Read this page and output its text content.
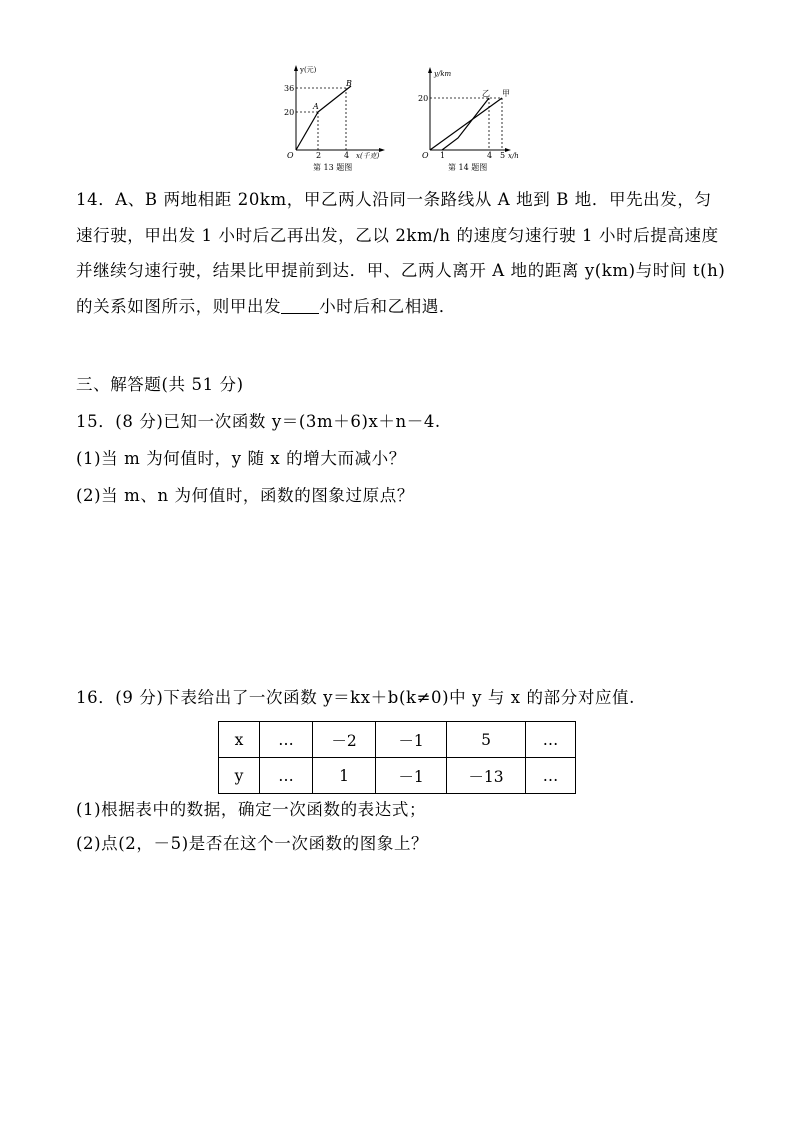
y(元)
36
20
O	2	4 x(千克)
A
B
第 13 题图
y/km
20
O 1	4 5 x/h
乙 甲
第 14 题图

14．A、B 两地相距 20km，甲乙两人沿同一条路线从 A 地到 B 地．甲先出发，匀速行驶，甲出发 1 小时后乙再出发，乙以 2km/h 的速度匀速行驶 1 小时后提高速度并继续匀速行驶，结果比甲提前到达．甲、乙两人离开 A 地的距离 y(km)与时间 t(h)的关系如图所示，则甲出发 小时后和乙相遇．

三、解答题(共 51 分)
15．(8 分)已知一次函数 y＝(3m＋6)x＋n－4.
(1)当 m 为何值时，y 随 x 的增大而减小？
(2)当 m、n 为何值时，函数的图象过原点？
16．(9 分)下表给出了一次函数 y＝kx＋b(k≠0)中 y 与 x 的部分对应值.
x	…	－2	－1	5	…
y	…	1	－1	－13	…
(1)根据表中的数据，确定一次函数的表达式；
(2)点(2，－5)是否在这个一次函数的图象上？
